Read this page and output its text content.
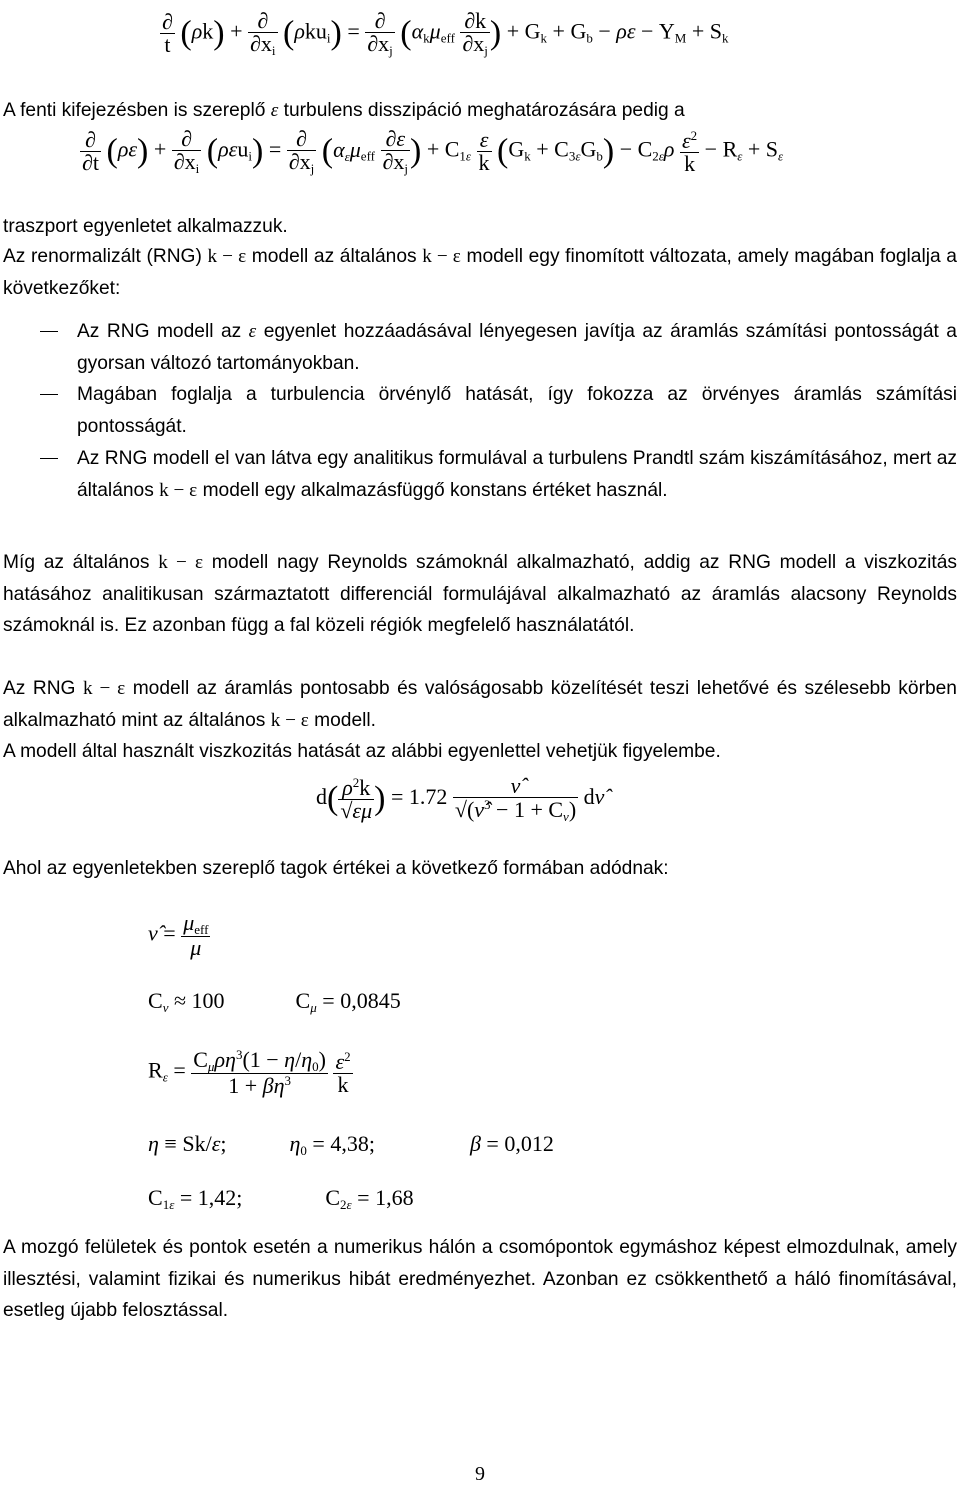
$\frac{\partial}{t} (\rho k) + \frac{\partial}{\partial x_i} (\rho ku_i) = \frac{\partial}{\partial x_j} (\alpha_k\mu_{eff} \frac{\partial k}{\partial x_j}$ ) + $G_k + G_b - \rho\varepsilon - Y_M + S_k$
A fenti kifejezésben is szereplő ε turbulens disszipáció meghatározására pedig a
$\frac{\partial}{\partial t} (\rho\varepsilon) + \frac{\partial}{\partial x_i} (\rho\varepsilon u_i) = \frac{\partial}{\partial x_j} (\alpha_\varepsilon\mu_{eff} \frac{\partial\varepsilon}{\partial x_j}$ ) + $C_{1\varepsilon} \frac{\varepsilon}{k} (G_k + C_{3\varepsilon}G_b) - C_{2\varepsilon}\rho \frac{\varepsilon^2}{k} - R_\varepsilon + S_\varepsilon$
traszport egyenletet alkalmazzuk.
Az renormalizált (RNG) k − ε modell az általános k − ε modell egy finomított változata, amely magában foglalja a következőket:
Az RNG modell az ε egyenlet hozzáadásával lényegesen javítja az áramlás számítási pontosságát a gyorsan változó tartományokban.
Magában foglalja a turbulencia örvénylő hatását, így fokozza az örvényes áramlás számítási pontosságát.
Az RNG modell el van látva egy analitikus formulával a turbulens Prandtl szám kiszámításához, mert az általános k − ε modell egy alkalmazásfüggő konstans értéket használ.
Míg az általános k − ε modell nagy Reynolds számoknál alkalmazható, addig az RNG modell a viszkozitás hatásához analitikusan származtatott differenciál formulájával alkalmazható az áramlás alacsony Reynolds számoknál is. Ez azonban függ a fal közeli régiók megfelelő használatától.
Az RNG k − ε modell az áramlás pontosabb és valóságosabb közelítését teszi lehetővé és szélesebb körben alkalmazható mint az általános k − ε modell.
A modell által használt viszkozitás hatását az alábbi egyenlettel vehetjük figyelembe.
$d( \frac{\rho^2k}{√\varepsilon\mu}$ ) = $1.72 \frac{\nû}{√(\nû^3 - 1 + C_\nu)}$ dν̂
Ahol az egyenletekben szereplő tagok értékei a következő formában adódnak:
ν̂ = $\frac{\mu_{eff}}{\mu}$
$C_\nu \approx 100$	$C_\mu = 0,0845$
$R_\varepsilon = \frac{C_\mu\rho\eta^3(1 - \eta/\eta_0)}{1 + \beta\eta^3}$
$\frac{\varepsilon^2}{k}$
η ≡ Sk/ε;	$\eta_0 = 4,38$;	β = 0,012
$C_{1\varepsilon} = 1,42$;	$C_{2\varepsilon} = 1,68$
A mozgó felületek és pontok esetén a numerikus hálón a csomópontok egymáshoz képest elmozdulnak, amely illesztési, valamint fizikai és numerikus hibát eredményezhet. Azonban ez csökkenthető a háló finomításával, esetleg újabb felosztással.
9
